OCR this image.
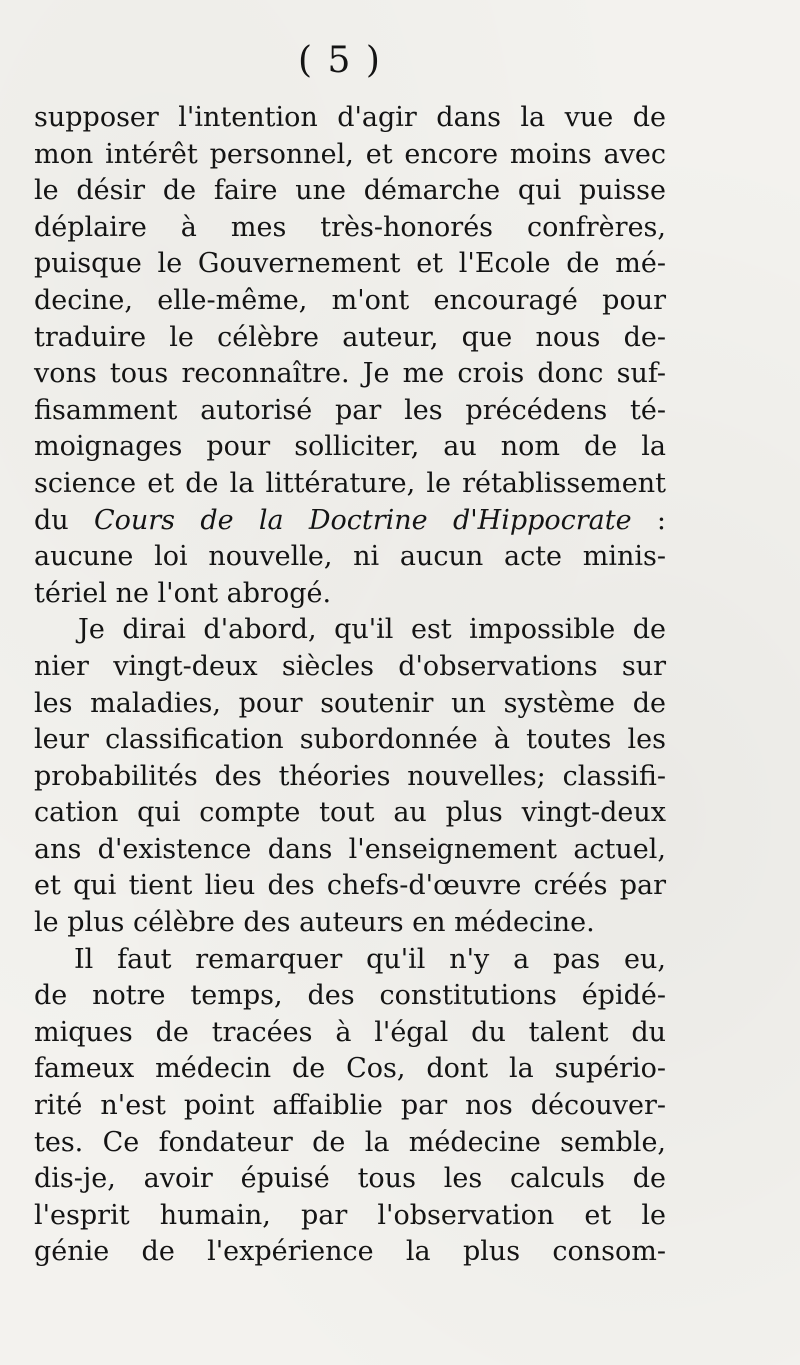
( 5 )
supposer l'intention d'agir dans la vue de
mon intérêt personnel, et encore moins avec
le désir de faire une démarche qui puisse
déplaire à mes très-honorés confrères,
puisque le Gouvernement et l'Ecole de mé-
decine, elle-même, m'ont encouragé pour
traduire le célèbre auteur, que nous de-
vons tous reconnaître. Je me crois donc suf-
fisamment autorisé par les précédens té-
moignages pour solliciter, au nom de la
science et de la littérature, le rétablissement
du Cours de la Doctrine d'Hippocrate :
aucune loi nouvelle, ni aucun acte minis-
tériel ne l'ont abrogé.
Je dirai d'abord, qu'il est impossible de
nier vingt-deux siècles d'observations sur
les maladies, pour soutenir un système de
leur classification subordonnée à toutes les
probabilités des théories nouvelles; classifi-
cation qui compte tout au plus vingt-deux
ans d'existence dans l'enseignement actuel,
et qui tient lieu des chefs-d'œuvre créés par
le plus célèbre des auteurs en médecine.
Il faut remarquer qu'il n'y a pas eu,
de notre temps, des constitutions épidé-
miques de tracées à l'égal du talent du
fameux médecin de Cos, dont la supério-
rité n'est point affaiblie par nos découver-
tes. Ce fondateur de la médecine semble,
dis-je, avoir épuisé tous les calculs de
l'esprit humain, par l'observation et le
génie de l'expérience la plus consom-
